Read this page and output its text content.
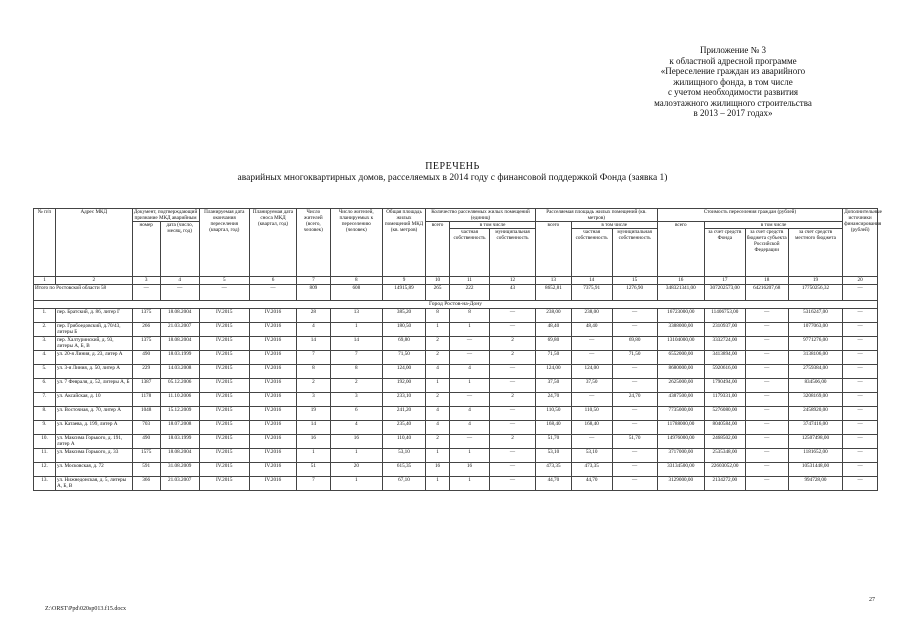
Приложение № 3
к областной адресной программе
«Переселение граждан из аварийного
жилищного фонда, в том числе
с учетом необходимости развития
малоэтажного жилищного строительства
в 2013 – 2017 годах»
ПЕРЕЧЕНЬ
аварийных многоквартирных домов, расселяемых в 2014 году с финансовой поддержкой Фонда (заявка 1)
№ п/п	Адрес МКД	Документ, подтверждающий признание МКД аварийным		Планируемая дата окончания переселения (квартал, год)	Планируемая дата сноса МКД (квартал, год)	Число жителей (всего, человек)	Число жителей, планируемых к переселению (человек)	Общая площадь жилых помещений МКД (кв. метров)	Количество расселяемых жилых помещений (единиц)			Расселяемая площадь жилых помещений (кв. метров)			Стоимость переселения граждан (рублей)				Дополнительные источники финансирования (рублей)
		номер	дата (число, месяц, год)						всего	в том числе		всего	в том числе		всего	в том числе			
										частная собственность	муниципальная собственность		частная собственность	муниципальная собственность		за счет средств Фонда	за счет средств бюджета субъекта Российской Федерации	за счет средств местного бюджета	
1	2	3	4	5	6	7	8	9	10	11	12	13	14	15	16	17	18	19	20
Итого по Ростовской области 58		—	—	—	—	809	608	14915,89	265	222	43	8652,81	7375,91	1276,90	348321341,00	307202573,00	64216207,68	17750256,32	—
Город Ростов-на-Дону																			
1.	пер. Братский, д. 86, литер Г	1375	18.08.2004	IV.2015	IV.2016	28	13	385,20	8	8	—	238,00	238,00	—	16723000,00	11406753,00	—	5316247,00	—
2.	пер. Грибоедовский, д.70/43, литеры Б	266	21.03.2007	IV.2015	IV.2016	4	1	180,50	1	1	—	48,40	48,40	—	3388000,00	2310937,00	—	1077063,00	—
3.	пер. Халтуринский, д. 93, литеры А, Б, В	1375	18.08.2004	IV.2015	IV.2016	14	14	69,80	2	—	2	69,80	—	69,80	13104000,00	3332724,00	—	9771276,00	—
4.	ул. 20-я Линия, д. 23, литер А	490	18.03.1999	IV.2015	IV.2016	7	7	71,50	2	—	2	71,50	—	71,50	6552000,00	3413894,00	—	3138106,00	—
5.	ул. 3-я Линия, д. 50, литер А	229	14.03.2008	IV.2015	IV.2016	8	8	124,00	4	4	—	124,00	124,00	—	8680000,00	5920616,00	—	2759384,00	—
6.	ул. 7 Февраля, д. 52, литеры А, Б	1387	05.12.2006	IV.2015	IV.2016	2	2	192,00	1	1	—	37,50	37,50	—	2625000,00	1790494,00	—	834506,00	—
7.	ул. Аксайская, д. 10	1178	11.10.2006	IV.2015	IV.2016	3	3	233,10	2	—	2	24,70	—	24,70	4387500,00	1179331,00	—	3208169,00	—
8.	ул. Восточная, д. 70, литер А	1048	15.12.2009	IV.2015	IV.2016	19	6	241,20	4	4	—	110,50	110,50	—	7735000,00	5276080,00	—	2458920,00	—
9.	ул. Катаева, д. 199, литер А	703	18.07.2008	IV.2015	IV.2016	14	4	235,40	4	4	—	168,40	168,40	—	11788000,00	8040584,00	—	3747416,00	—
10.	ул. Максима Горького, д. 191, литер А	490	18.03.1999	IV.2015	IV.2016	16	16	110,40	2	—	2	51,70	—	51,70	14976000,00	2468502,00	—	12507498,00	—
11.	ул. Максима Горького, д. 33	1575	18.08.2004	IV.2015	IV.2016	1	1	53,10	1	1	—	53,10	53,10	—	3717000,00	2535348,00	—	1181652,00	—
12.	ул. Московская, д. 72	591	31.08.2009	IV.2015	IV.2016	51	20	615,35	16	16	—	473,35	473,35	—	33134500,00	22603052,00	—	10531448,00	—
13.	ул. Нижнедонская, д. 5, литеры А, Б, В	366	21.03.2007	IV.2015	IV.2016	7	1	67,10	1	1	—	44,70	44,70	—	3129000,00	2134272,00	—	994728,00	—
27
Z:\ORST\Ppd\020sp013.f15.docx
